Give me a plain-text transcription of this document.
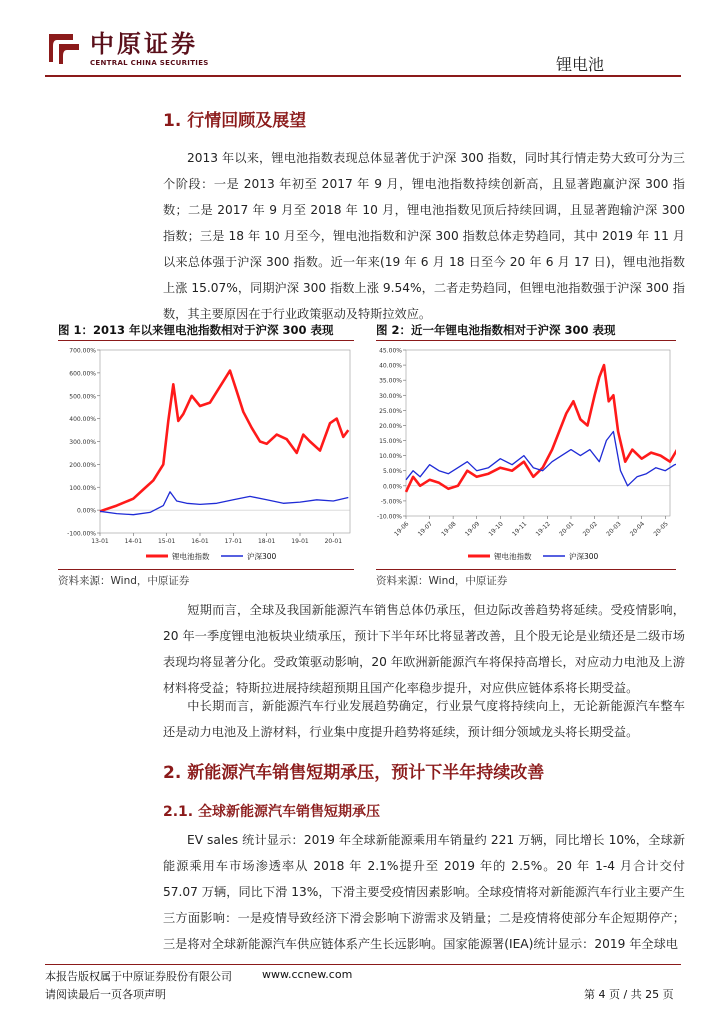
中原证券
CENTRAL CHINA SECURITIES	锂电池
1. 行情回顾及展望
2013 年以来，锂电池指数表现总体显著优于沪深 300 指数，同时其行情走势大致可分为三个阶段：一是 2013 年初至 2017 年 9 月，锂电池指数持续创新高，且显著跑赢沪深 300 指数；二是 2017 年 9 月至 2018 年 10 月，锂电池指数见顶后持续回调，且显著跑输沪深 300 指数；三是 18 年 10 月至今，锂电池指数和沪深 300 指数总体走势趋同，其中 2019 年 11 月以来总体强于沪深 300 指数。近一年来(19 年 6 月 18 日至今 20 年 6 月 17 日)，锂电池指数上涨 15.07%，同期沪深 300 指数上涨 9.54%，二者走势趋同，但锂电池指数强于沪深 300 指数，其主要原因在于行业政策驱动及特斯拉效应。
图 1：2013 年以来锂电池指数相对于沪深 300 表现
700.00%
600.00%
500.00%
400.00%
300.00%
200.00%
100.00%
0.00%
-100.00%
13-01	14-01	15-01	16-01	17-01	18-01	19-01	20-01
锂电池指数	沪深300
资料来源：Wind，中原证券
图 2：近一年锂电池指数相对于沪深 300 表现
45.00%
40.00%
35.00%
30.00%
25.00%
20.00%
15.00%
10.00%
5.00%
0.00%
-5.00%
-10.00%
19-06 19-07 19-08 19-09 19-10 19-11 19-12 20-01 20-02 20-03 20-04 20-05
锂电池指数	沪深300
资料来源：Wind，中原证券
短期而言，全球及我国新能源汽车销售总体仍承压，但边际改善趋势将延续。受疫情影响，20 年一季度锂电池板块业绩承压，预计下半年环比将显著改善，且个股无论是业绩还是二级市场表现均将显著分化。受政策驱动影响，20 年欧洲新能源汽车将保持高增长，对应动力电池及上游材料将受益；特斯拉进展持续超预期且国产化率稳步提升，对应供应链体系将长期受益。
中长期而言，新能源汽车行业发展趋势确定，行业景气度将持续向上，无论新能源汽车整车还是动力电池及上游材料，行业集中度提升趋势将延续，预计细分领域龙头将长期受益。
2. 新能源汽车销售短期承压，预计下半年持续改善
2.1. 全球新能源汽车销售短期承压
EV sales 统计显示：2019 年全球新能源乘用车销量约 221 万辆，同比增长 10%，全球新能源乘用车市场渗透率从 2018 年 2.1%提升至 2019 年的 2.5%。20 年 1-4 月合计交付 57.07 万辆，同比下滑 13%，下滑主要受疫情因素影响。全球疫情将对新能源汽车行业主要产生三方面影响：一是疫情导致经济下滑会影响下游需求及销量；二是疫情将使部分车企短期停产；三是将对全球新能源汽车供应链体系产生长远影响。国家能源署(IEA)统计显示：2019 年全球电
本报告版权属于中原证券股份有限公司	www.ccnew.com
请阅读最后一页各项声明	第 4 页 / 共 25 页
